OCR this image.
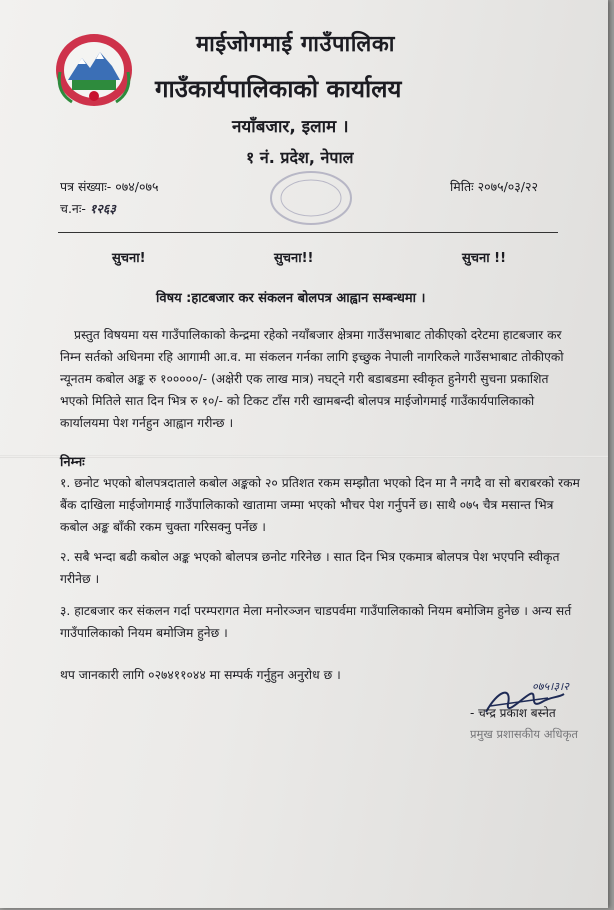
माईजोगमाई गाउँपालिका
गाउँकार्यपालिकाको कार्यालय
नयाँबजार, इलाम ।
१ नं. प्रदेश, नेपाल
पत्र संख्याः- ०७४/०७५
च.नः- १२६३
मितिः २०७५/०३/२२
सुचना!	सुचना!!	सुचना !!
विषय :हाटबजार कर संकलन बोलपत्र आह्वान सम्बन्धमा ।

प्रस्तुत विषयमा यस गाउँपालिकाको केन्द्रमा रहेको नयाँबजार क्षेत्रमा गाउँसभाबाट तोकीएको दरेटमा हाटबजार कर निम्न सर्तको अधिनमा रहि आगामी आ.व. मा संकलन गर्नका लागि इच्छुक नेपाली नागरिकले गाउँसभाबाट तोकीएको न्यूनतम कबोल अङ्क रु १०००००/- (अक्षेरी एक लाख मात्र) नघट्ने गरी बडाबडमा स्वीकृत हुनेगरी सुचना प्रकाशित भएको मितिले सात दिन भित्र रु १०/- को टिकट टाँस गरी खामबन्दी बोलपत्र माईजोगमाई गाउँकार्यपालिकाको कार्यालयमा पेश गर्नहुन आह्वान गरीन्छ ।

निम्नः

१. छनोट भएको बोलपत्रदाताले कबोल अङ्कको २० प्रतिशत रकम सम्झौता भएको दिन मा नै नगदै वा सो बराबरको रकम बैंक दाखिला माईजोगमाई गाउँपालिकाको खातामा जम्मा भएको भौचर पेश गर्नुपर्ने छ। साथै ०७५ चैत्र मसान्त भित्र कबोल अङ्क बाँकी रकम चुक्ता गरिसक्नु पर्नेछ ।

२. सबै भन्दा बढी कबोल अङ्क भएको बोलपत्र छनोट गरिनेछ । सात दिन भित्र एकमात्र बोलपत्र पेश भएपनि स्वीकृत गरीनेछ ।

३. हाटबजार कर संकलन गर्दा परम्परागत मेला मनोरञ्जन चाडपर्वमा गाउँपालिकाको नियम बमोजिम हुनेछ । अन्य सर्त गाउँपालिकाको नियम बमोजिम हुनेछ ।

थप जानकारी लागि ०२७४११०४४ मा सम्पर्क गर्नुहुन अनुरोध छ ।

०७५।३।२
- चन्द्र प्रकाश बस्नेत
प्रमुख प्रशासकीय अधिकृत
